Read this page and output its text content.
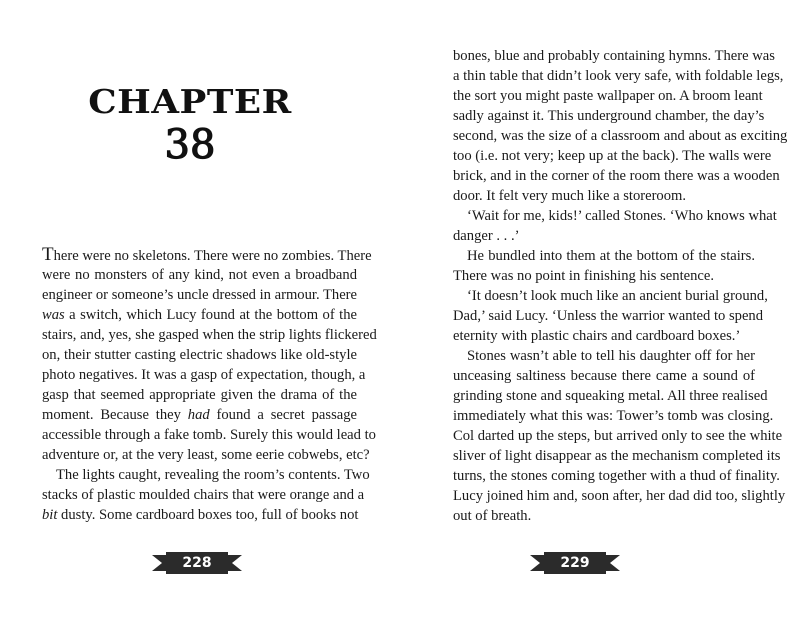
CHAPTER
38
There were no skeletons. There were no zombies. There
were no monsters of any kind, not even a broadband
engineer or someone’s uncle dressed in armour. There
was a switch, which Lucy found at the bottom of the
stairs, and, yes, she gasped when the strip lights flickered
on, their stutter casting electric shadows like old-style
photo negatives. It was a gasp of expectation, though, a
gasp that seemed appropriate given the drama of the
moment. Because they had found a secret passage
accessible through a fake tomb. Surely this would lead to
adventure or, at the very least, some eerie cobwebs, etc?
The lights caught, revealing the room’s contents. Two
stacks of plastic moulded chairs that were orange and a
bit dusty. Some cardboard boxes too, full of books not
228
bones, blue and probably containing hymns. There was
a thin table that didn’t look very safe, with foldable legs,
the sort you might paste wallpaper on. A broom leant
sadly against it. This underground chamber, the day’s
second, was the size of a classroom and about as exciting
too (i.e. not very; keep up at the back). The walls were
brick, and in the corner of the room there was a wooden
door. It felt very much like a storeroom.
‘Wait for me, kids!’ called Stones. ‘Who knows what
danger . . .’
He bundled into them at the bottom of the stairs.
There was no point in finishing his sentence.
‘It doesn’t look much like an ancient burial ground,
Dad,’ said Lucy. ‘Unless the warrior wanted to spend
eternity with plastic chairs and cardboard boxes.’
Stones wasn’t able to tell his daughter off for her
unceasing saltiness because there came a sound of
grinding stone and squeaking metal. All three realised
immediately what this was: Tower’s tomb was closing.
Col darted up the steps, but arrived only to see the white
sliver of light disappear as the mechanism completed its
turns, the stones coming together with a thud of finality.
Lucy joined him and, soon after, her dad did too, slightly
out of breath.
229
